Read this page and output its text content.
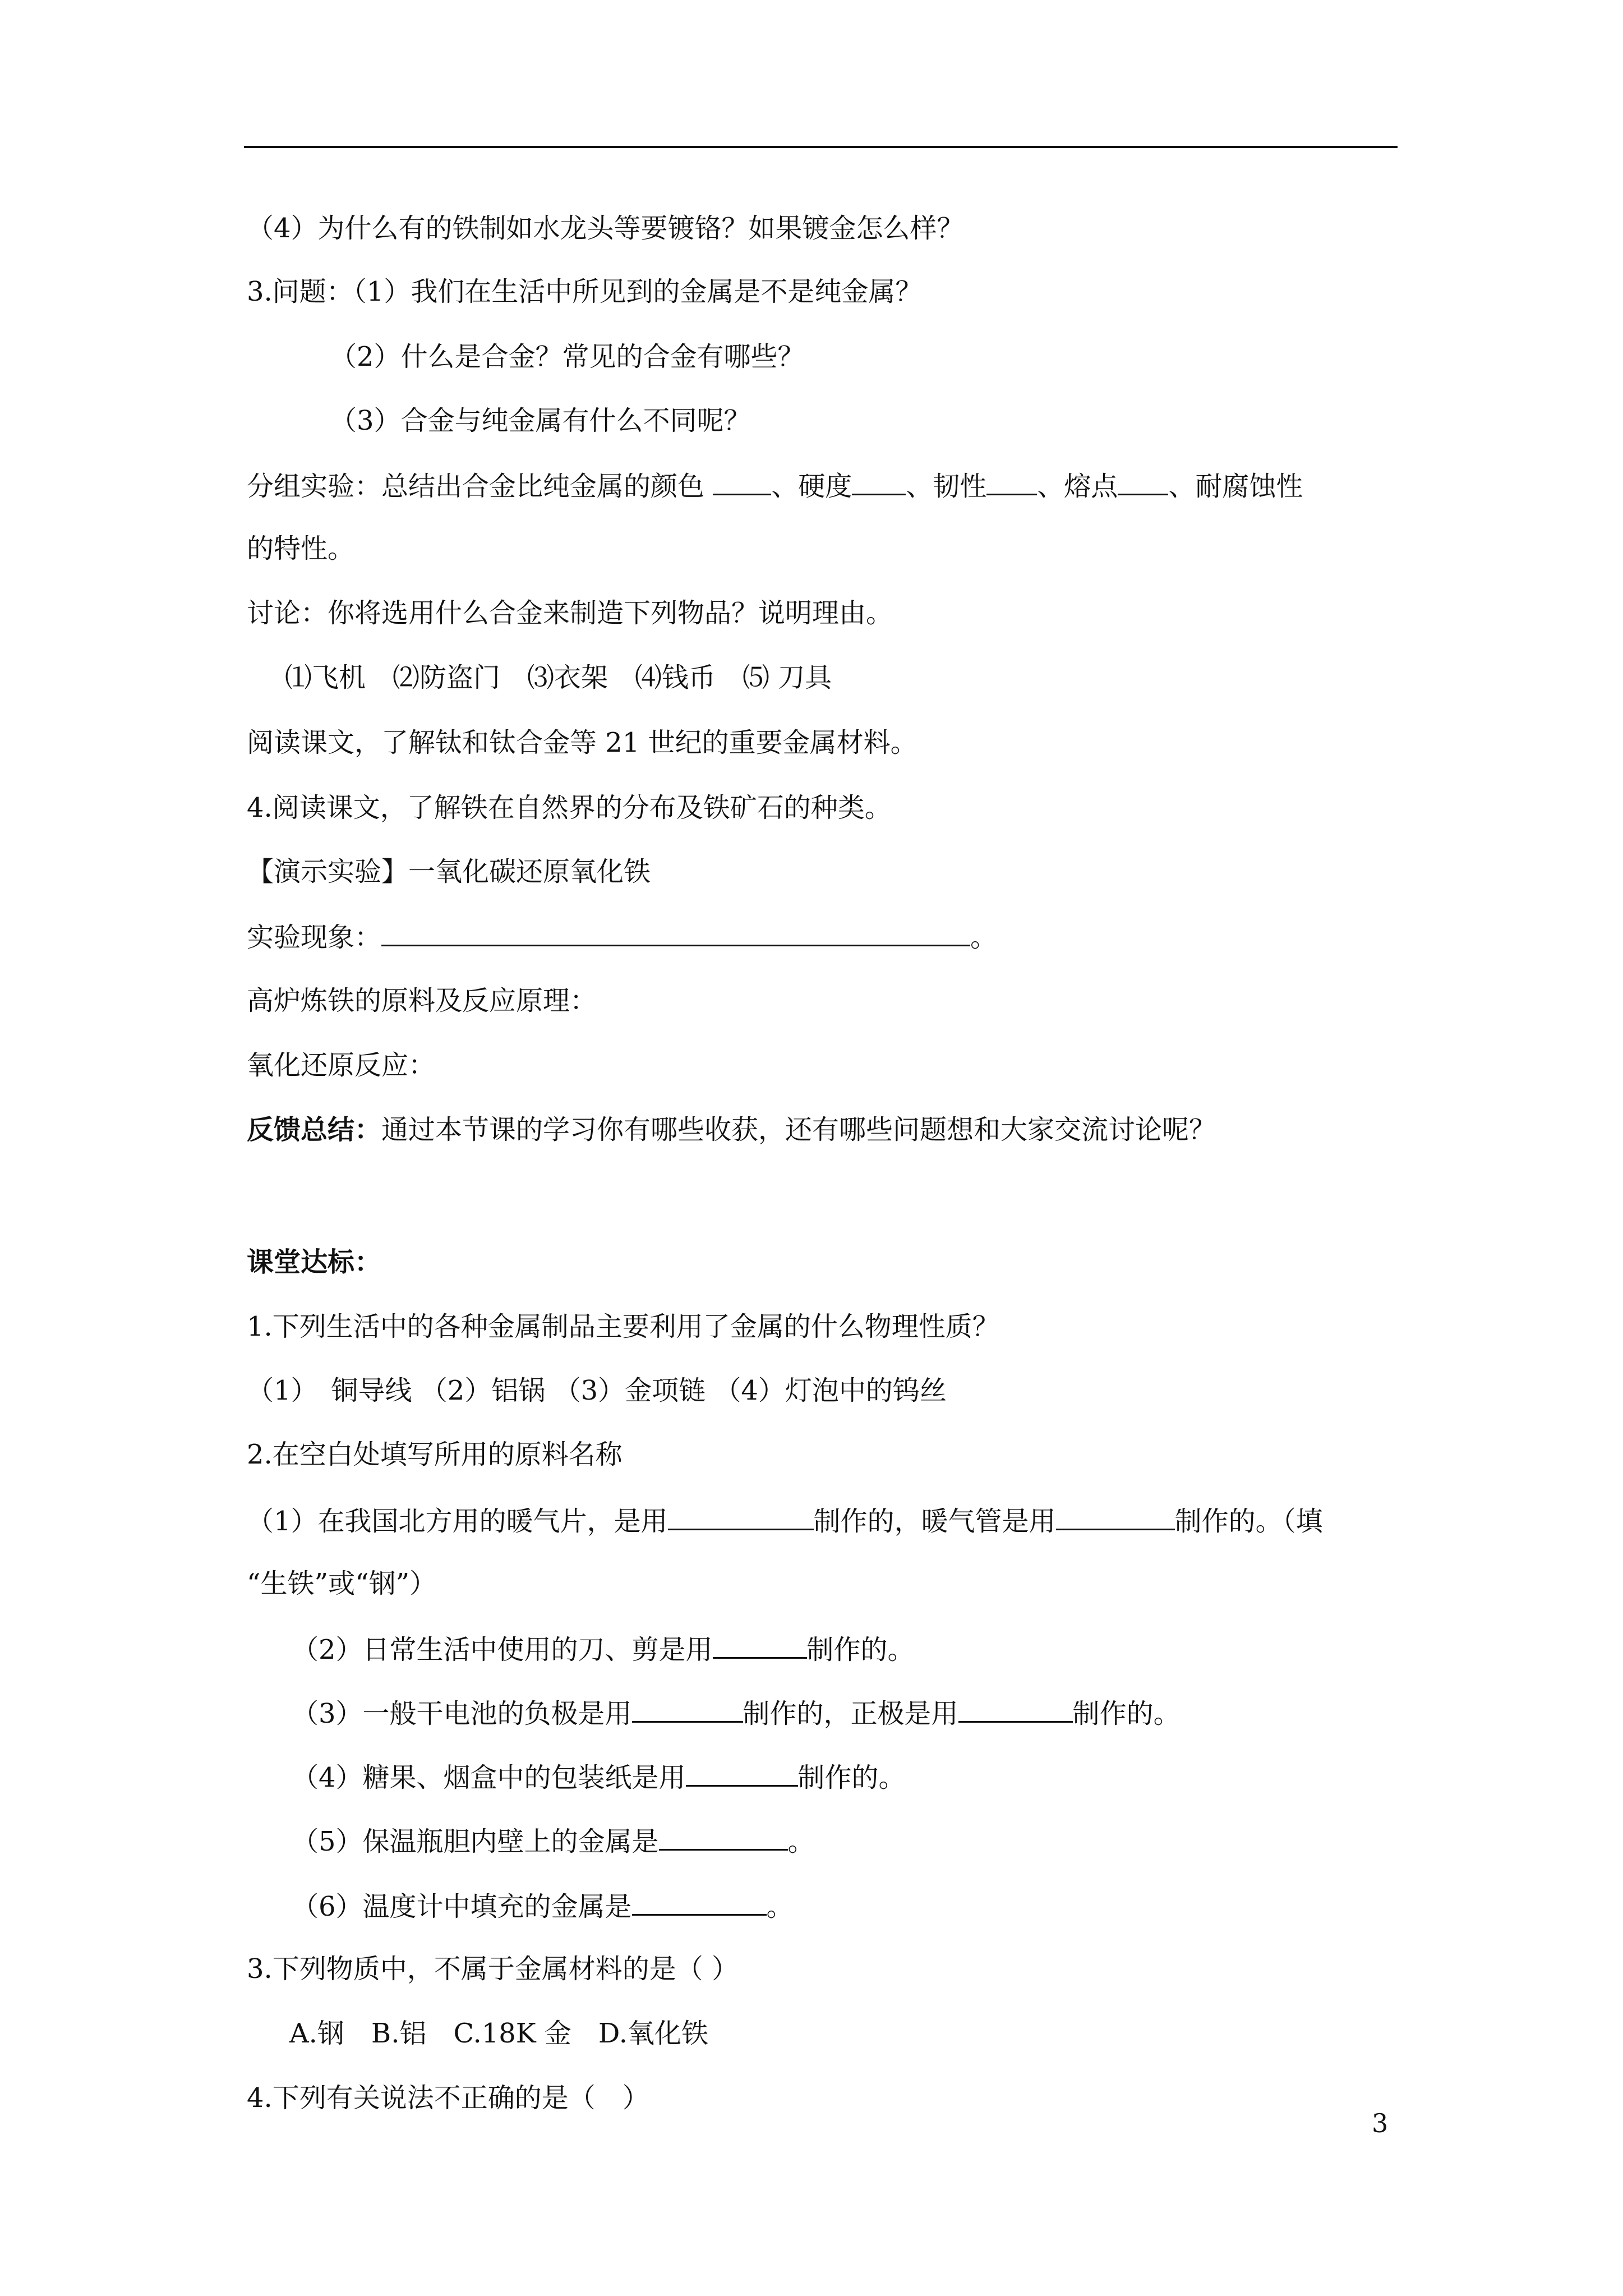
（4）为什么有的铁制如水龙头等要镀铬？如果镀金怎么样？
3.问题：（1）我们在生活中所见到的金属是不是纯金属？
（2）什么是合金？常见的合金有哪些？
（3）合金与纯金属有什么不同呢？
分组实验：总结出合金比纯金属的颜色 、硬度 、韧性 、熔点 、耐腐蚀性
的特性。
讨论：你将选用什么合金来制造下列物品？说明理由。
⑴飞机　⑵防盗门　⑶衣架　⑷钱币　⑸ 刀具
阅读课文，了解钛和钛合金等 21 世纪的重要金属材料。
4.阅读课文，了解铁在自然界的分布及铁矿石的种类。
【演示实验】一氧化碳还原氧化铁
实验现象：	。
高炉炼铁的原料及反应原理：
氧化还原反应：
反馈总结：通过本节课的学习你有哪些收获，还有哪些问题想和大家交流讨论呢？
课堂达标：
1.下列生活中的各种金属制品主要利用了金属的什么物理性质？
（1）　铜导线 （2）铝锅 （3）金项链 （4）灯泡中的钨丝
2.在空白处填写所用的原料名称
（1）在我国北方用的暖气片，是用	制作的，暖气管是用	制作的。（填
“生铁”或“钢”）
（2）日常生活中使用的刀、剪是用	制作的。
（3）一般干电池的负极是用	制作的，正极是用	制作的。
（4）糖果、烟盒中的包装纸是用	制作的。
（5）保温瓶胆内壁上的金属是	。
（6）温度计中填充的金属是	。
3.下列物质中，不属于金属材料的是（ ）
A.钢　B.铝　C.18K 金　D.氧化铁
4.下列有关说法不正确的是（　）
3
